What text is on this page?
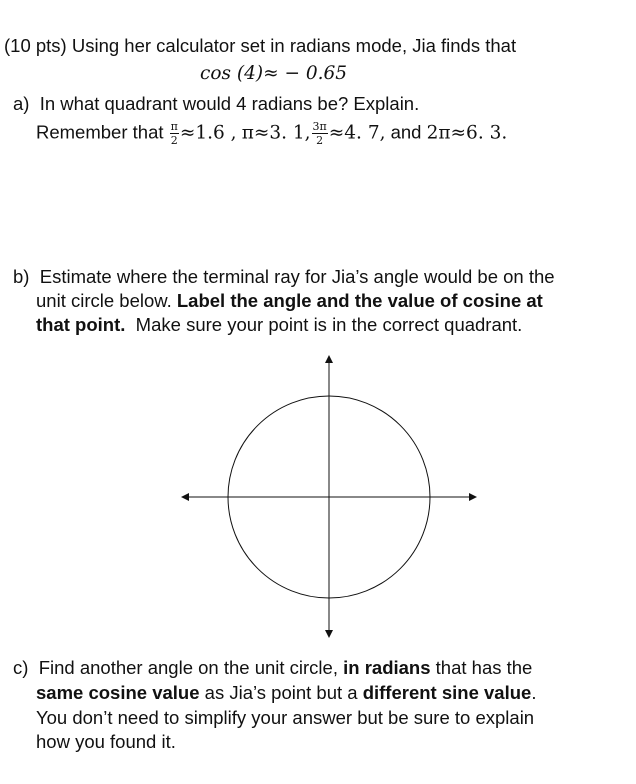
(10 pts) Using her calculator set in radians mode, Jia finds that
cos (4)≈ − 0.65
a) In what quadrant would 4 radians be? Explain.
Remember that $\frac{\pi}{2} \approx 1.6$ , π≈3. 1, $\frac{3\pi}{2} \approx 4$. 7, and 2π≈6. 3.
b) Estimate where the terminal ray for Jia’s angle would be on the
unit circle below. Label the angle and the value of cosine at
that point.  Make sure your point is in the correct quadrant.
c) Find another angle on the unit circle, in radians that has the
same cosine value as Jia’s point but a different sine value.
You don’t need to simplify your answer but be sure to explain
how you found it.
